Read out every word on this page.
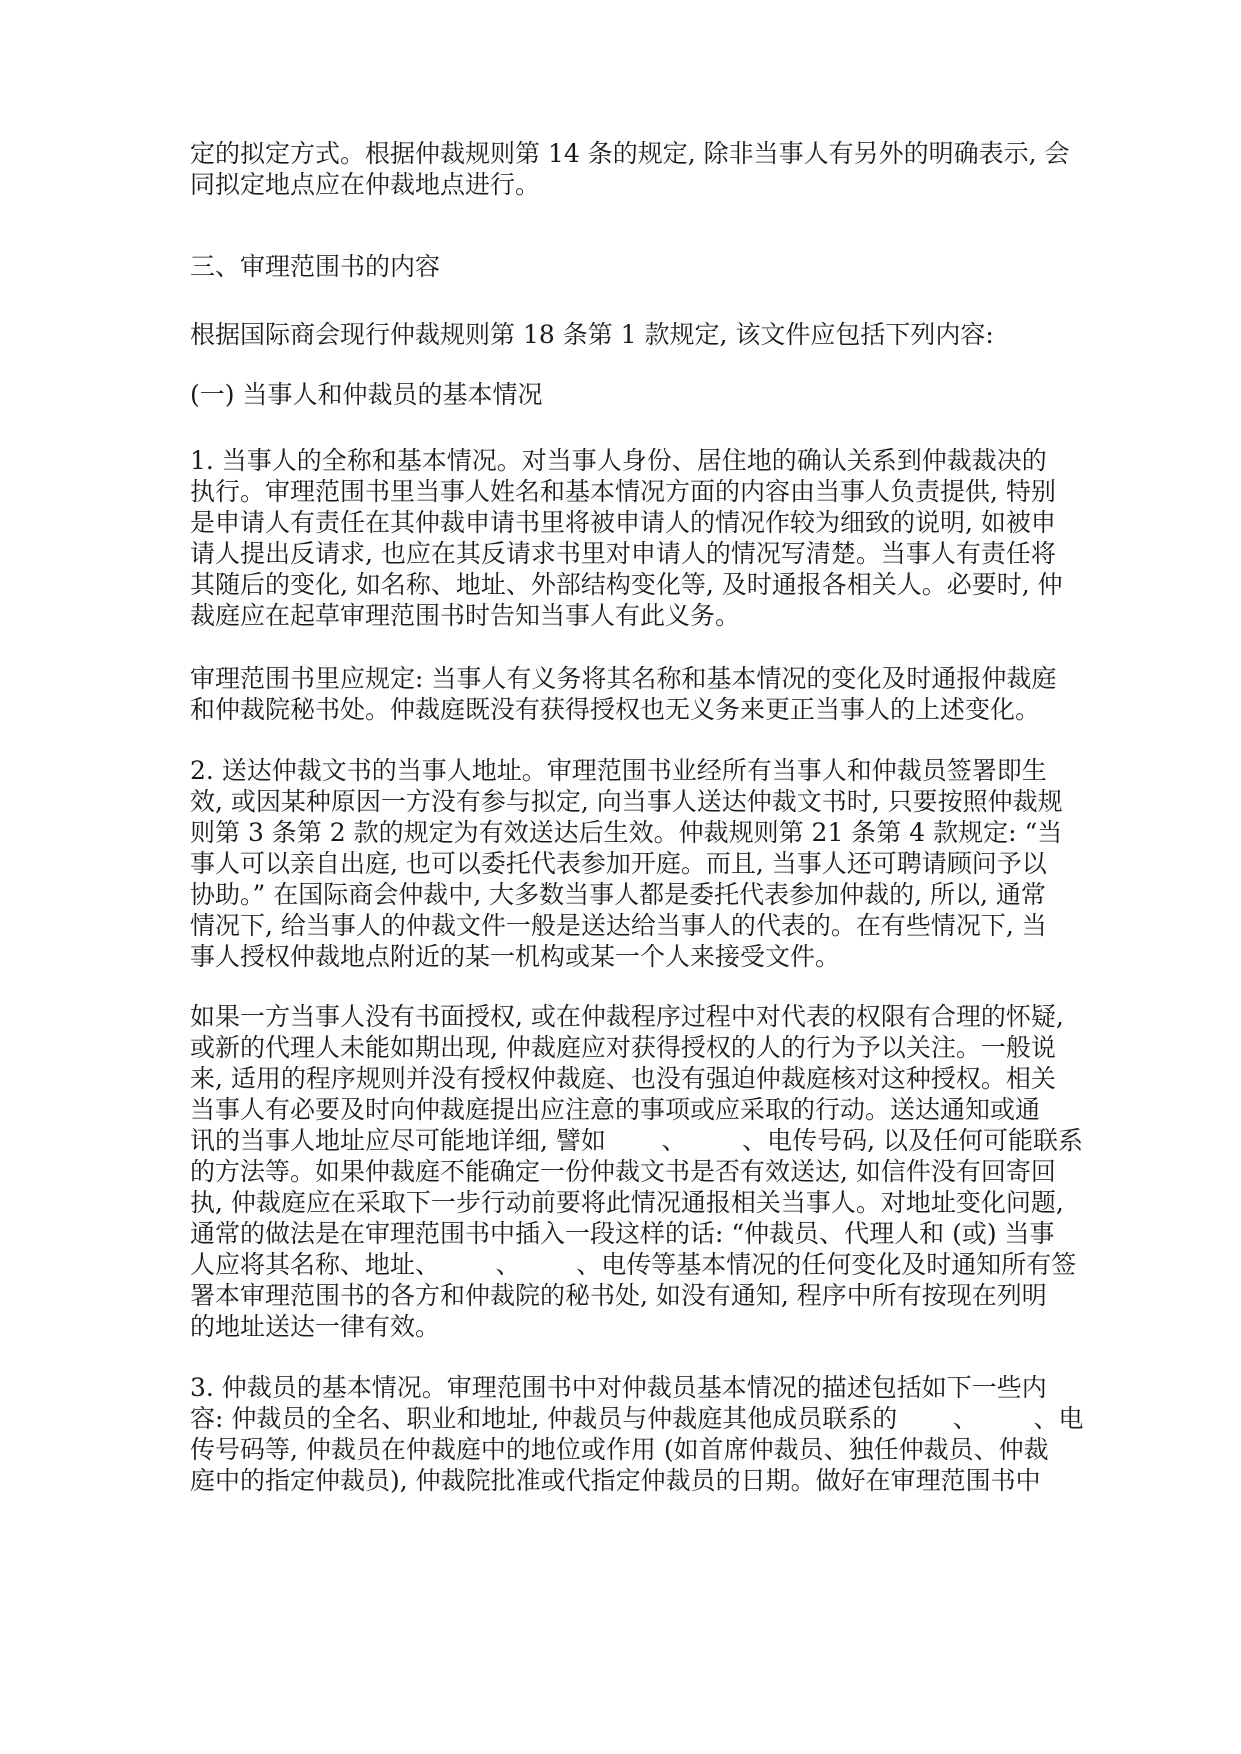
定的拟定方式。根据仲裁规则第 14 条的规定, 除非当事人有另外的明确表示, 会
同拟定地点应在仲裁地点进行。
三、审理范围书的内容
根据国际商会现行仲裁规则第 18 条第 1 款规定, 该文件应包括下列内容:
(一) 当事人和仲裁员的基本情况
1. 当事人的全称和基本情况。对当事人身份、居住地的确认关系到仲裁裁决的
执行。审理范围书里当事人姓名和基本情况方面的内容由当事人负责提供, 特别
是申请人有责任在其仲裁申请书里将被申请人的情况作较为细致的说明, 如被申
请人提出反请求, 也应在其反请求书里对申请人的情况写清楚。当事人有责任将
其随后的变化, 如名称、地址、外部结构变化等, 及时通报各相关人。必要时, 仲
裁庭应在起草审理范围书时告知当事人有此义务。
审理范围书里应规定: 当事人有义务将其名称和基本情况的变化及时通报仲裁庭
和仲裁院秘书处。仲裁庭既没有获得授权也无义务来更正当事人的上述变化。
2. 送达仲裁文书的当事人地址。审理范围书业经所有当事人和仲裁员签署即生
效, 或因某种原因一方没有参与拟定, 向当事人送达仲裁文书时, 只要按照仲裁规
则第 3 条第 2 款的规定为有效送达后生效。仲裁规则第 21 条第 4 款规定: “当
事人可以亲自出庭, 也可以委托代表参加开庭。而且, 当事人还可聘请顾问予以
协助。” 在国际商会仲裁中, 大多数当事人都是委托代表参加仲裁的, 所以, 通常
情况下, 给当事人的仲裁文件一般是送达给当事人的代表的。在有些情况下, 当
事人授权仲裁地点附近的某一机构或某一个人来接受文件。
如果一方当事人没有书面授权, 或在仲裁程序过程中对代表的权限有合理的怀疑,
或新的代理人未能如期出现, 仲裁庭应对获得授权的人的行为予以关注。一般说
来, 适用的程序规则并没有授权仲裁庭、也没有强迫仲裁庭核对这种授权。相关
当事人有必要及时向仲裁庭提出应注意的事项或应采取的行动。送达通知或通
讯的当事人地址应尽可能地详细, 譬如       、       、电传号码, 以及任何可能联系
的方法等。如果仲裁庭不能确定一份仲裁文书是否有效送达, 如信件没有回寄回
执, 仲裁庭应在采取下一步行动前要将此情况通报相关当事人。对地址变化问题,
通常的做法是在审理范围书中插入一段这样的话: “仲裁员、代理人和 (或) 当事
人应将其名称、地址、       、       、电传等基本情况的任何变化及时通知所有签
署本审理范围书的各方和仲裁院的秘书处, 如没有通知, 程序中所有按现在列明
的地址送达一律有效。
3. 仲裁员的基本情况。审理范围书中对仲裁员基本情况的描述包括如下一些内
容: 仲裁员的全名、职业和地址, 仲裁员与仲裁庭其他成员联系的       、       、电
传号码等, 仲裁员在仲裁庭中的地位或作用 (如首席仲裁员、独任仲裁员、仲裁
庭中的指定仲裁员), 仲裁院批准或代指定仲裁员的日期。做好在审理范围书中
